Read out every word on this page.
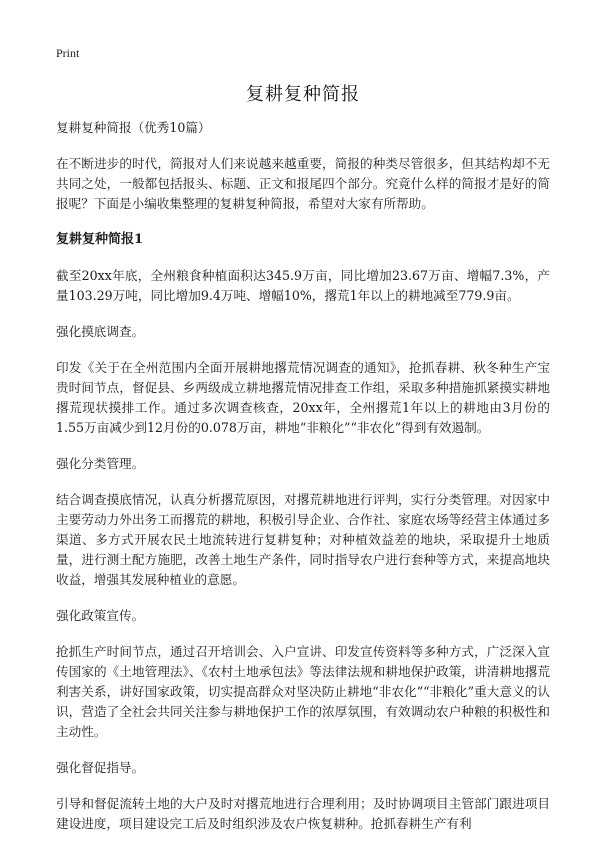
Print

复耕复种简报

复耕复种简报（优秀10篇）

在不断进步的时代，简报对人们来说越来越重要，简报的种类尽管很多，但其结构却不无共同之处，一般都包括报头、标题、正文和报尾四个部分。究竟什么样的简报才是好的简报呢？下面是小编收集整理的复耕复种简报，希望对大家有所帮助。

复耕复种简报1

截至20xx年底，全州粮食种植面积达345.9万亩，同比增加23.67万亩、增幅7.3%，产量103.29万吨，同比增加9.4万吨、增幅10%，撂荒1年以上的耕地减至779.9亩。

强化摸底调查。

印发《关于在全州范围内全面开展耕地撂荒情况调查的通知》，抢抓春耕、秋冬种生产宝贵时间节点，督促县、乡两级成立耕地撂荒情况排查工作组，采取多种措施抓紧摸实耕地撂荒现状摸排工作。通过多次调查核查，20xx年，全州撂荒1年以上的耕地由3月份的1.55万亩减少到12月份的0.078万亩，耕地“非粮化”“非农化”得到有效遏制。

强化分类管理。

结合调查摸底情况，认真分析撂荒原因，对撂荒耕地进行评判，实行分类管理。对因家中主要劳动力外出务工而撂荒的耕地，积极引导企业、合作社、家庭农场等经营主体通过多渠道、多方式开展农民土地流转进行复耕复种；对种植效益差的地块，采取提升土地质量，进行测土配方施肥，改善土地生产条件，同时指导农户进行套种等方式，来提高地块收益，增强其发展种植业的意愿。

强化政策宣传。

抢抓生产时间节点，通过召开培训会、入户宣讲、印发宣传资料等多种方式，广泛深入宣传国家的《土地管理法》、《农村土地承包法》等法律法规和耕地保护政策，讲清耕地撂荒利害关系，讲好国家政策，切实提高群众对坚决防止耕地“非农化”“非粮化”重大意义的认识，营造了全社会共同关注参与耕地保护工作的浓厚氛围，有效调动农户种粮的积极性和主动性。

强化督促指导。

引导和督促流转土地的大户及时对撂荒地进行合理利用；及时协调项目主管部门跟进项目建设进度，项目建设完工后及时组织涉及农户恢复耕种。抢抓春耕生产有利
